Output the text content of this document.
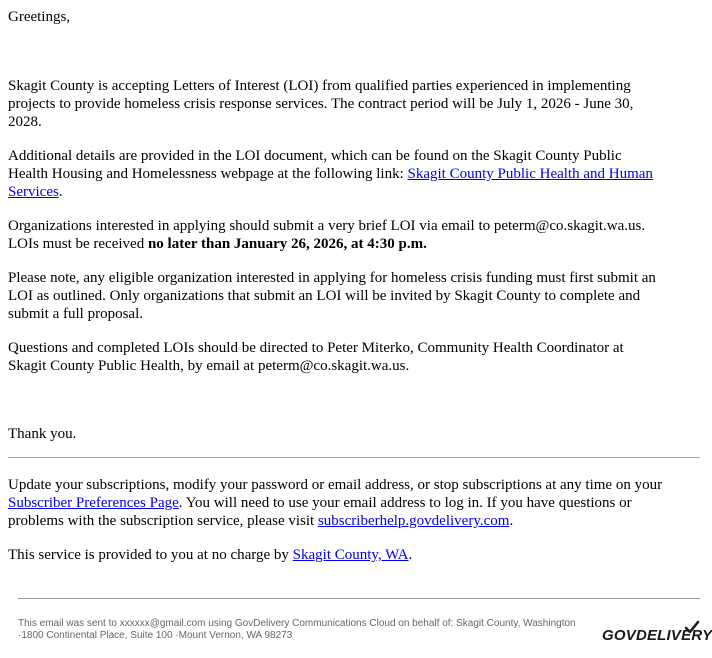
Greetings,

Skagit County is accepting Letters of Interest (LOI) from qualified parties experienced in implementing
projects to provide homeless crisis response services. The contract period will be July 1, 2026 - June 30,
2028.

Additional details are provided in the LOI document, which can be found on the Skagit County Public
Health Housing and Homelessness webpage at the following link: Skagit County Public Health and Human
Services.

Organizations interested in applying should submit a very brief LOI via email to peterm@co.skagit.wa.us.
LOIs must be received no later than January 26, 2026, at 4:30 p.m.

Please note, any eligible organization interested in applying for homeless crisis funding must first submit an
LOI as outlined. Only organizations that submit an LOI will be invited by Skagit County to complete and
submit a full proposal.

Questions and completed LOIs should be directed to Peter Miterko, Community Health Coordinator at
Skagit County Public Health, by email at peterm@co.skagit.wa.us.

Thank you.

Update your subscriptions, modify your password or email address, or stop subscriptions at any time on your
Subscriber Preferences Page. You will need to use your email address to log in. If you have questions or
problems with the subscription service, please visit subscriberhelp.govdelivery.com.

This service is provided to you at no charge by Skagit County, WA.

This email was sent to xxxxxx@gmail.com using GovDelivery Communications Cloud on behalf of: Skagit County, Washington
·1800 Continental Place, Suite 100 ·Mount Vernon, WA 98273	GOVDELIVERY
